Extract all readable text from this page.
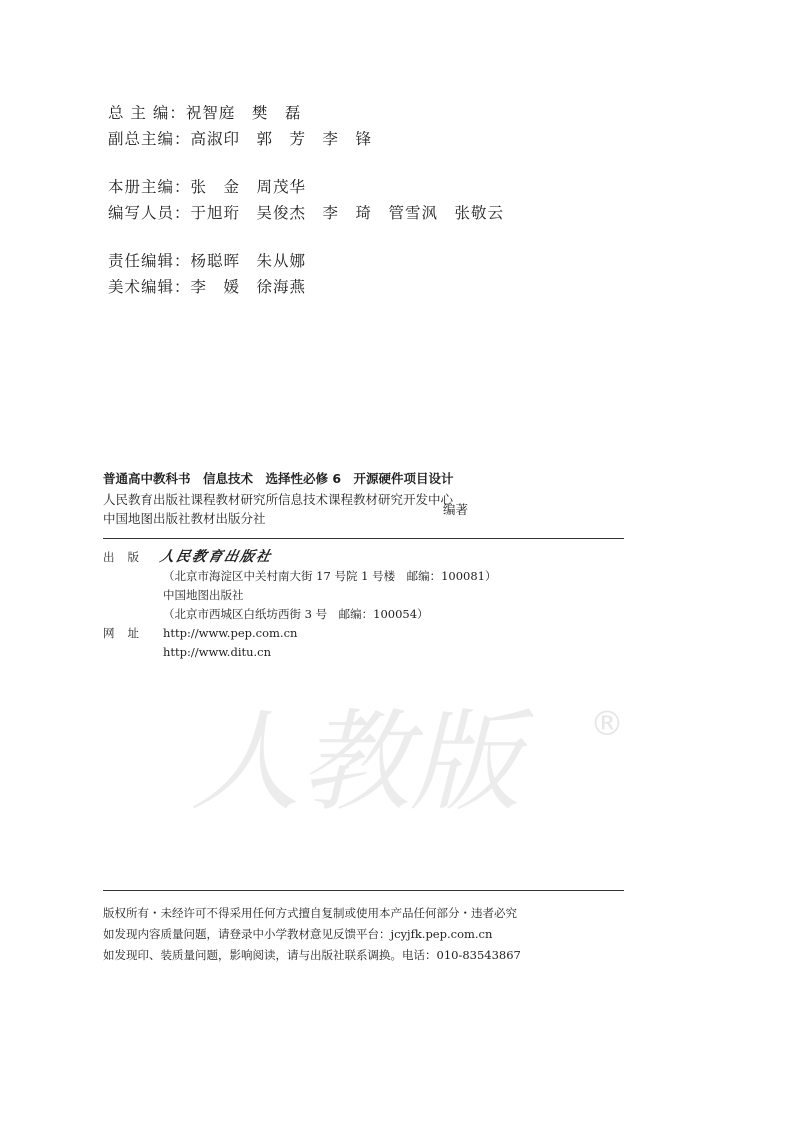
总 主 编：祝智庭　樊　磊
副总主编：高淑印　郭　芳　李　锋
本册主编：张　金　周茂华
编写人员：于旭珩　吴俊杰　李　琦　管雪沨　张敬云
责任编辑：杨聪晖　朱从娜
美术编辑：李　媛　徐海燕
普通高中教科书　信息技术　选择性必修 6　开源硬件项目设计
人民教育出版社课程教材研究所信息技术课程教材研究开发中心
中国地图出版社教材出版分社
编著
出版 人民教育出版社
（北京市海淀区中关村南大街 17 号院 1 号楼　邮编：100081）
中国地图出版社
（北京市西城区白纸坊西街 3 号　邮编：100054）
网址 http://www.pep.com.cn
http://www.ditu.cn
人教版	®
版权所有・未经许可不得采用任何方式擅自复制或使用本产品任何部分・违者必究
如发现内容质量问题，请登录中小学教材意见反馈平台：jcyjfk.pep.com.cn
如发现印、装质量问题，影响阅读，请与出版社联系调换。电话：010-83543867
